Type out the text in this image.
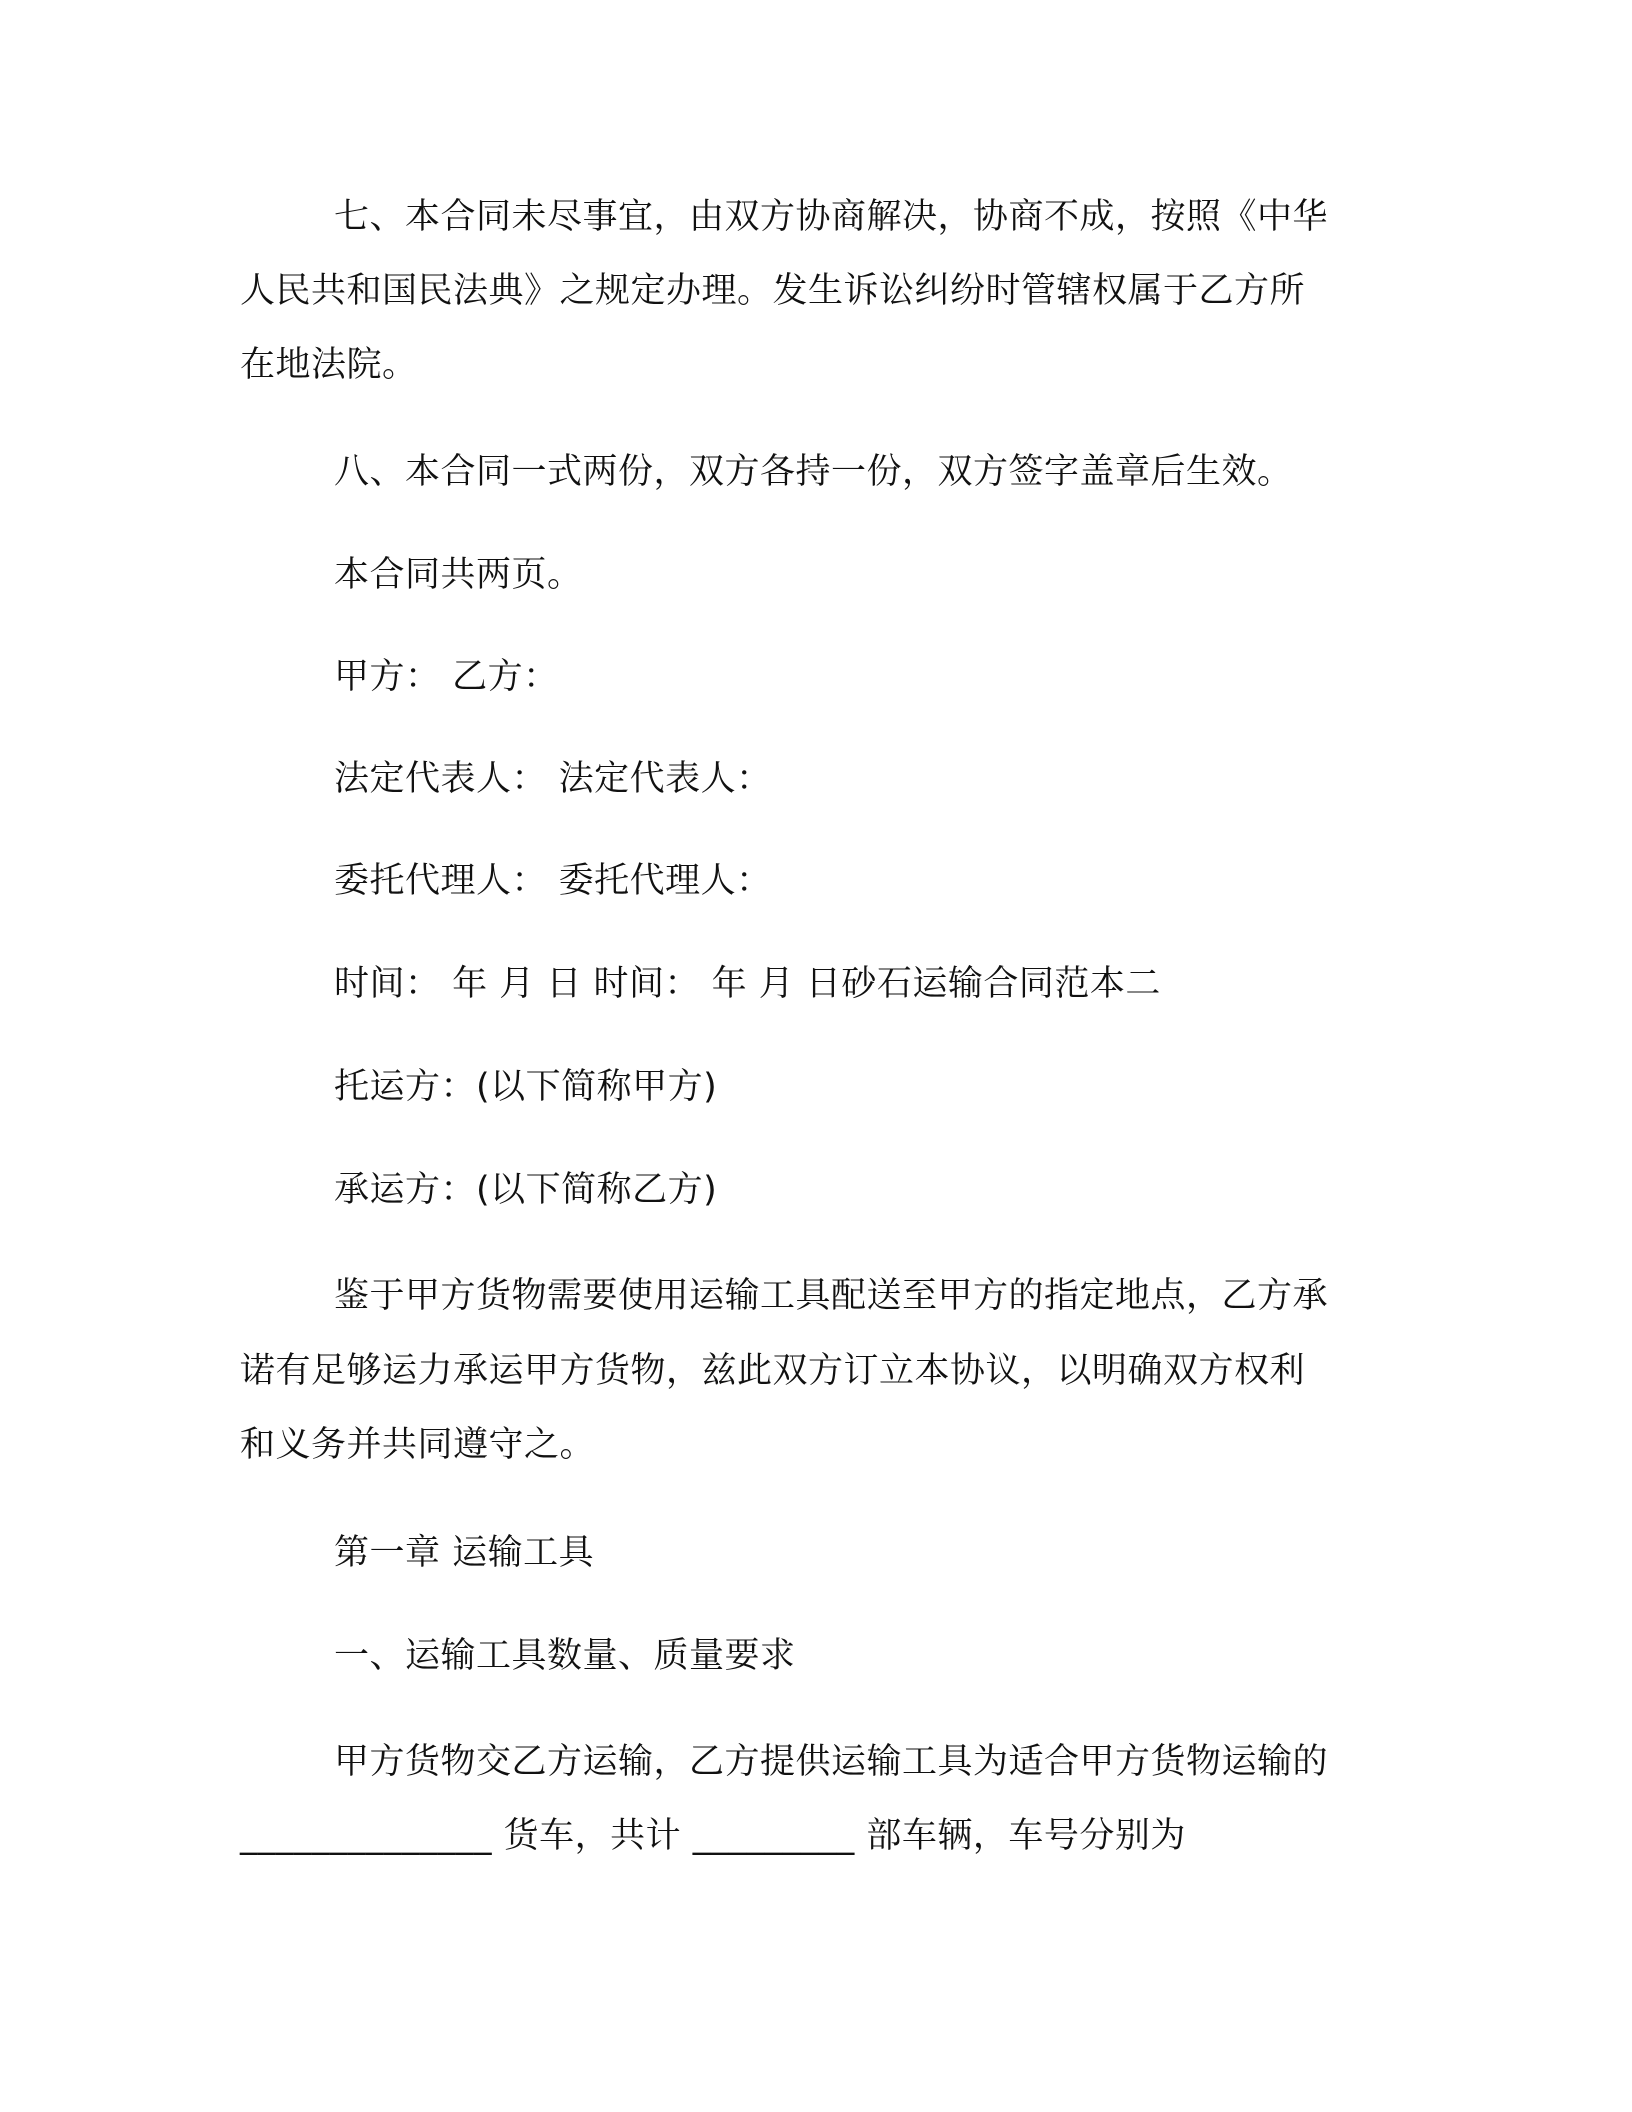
七、本合同未尽事宜，由双方协商解决，协商不成，按照《中华
人民共和国民法典》之规定办理。发生诉讼纠纷时管辖权属于乙方所
在地法院。
八、本合同一式两份，双方各持一份，双方签字盖章后生效。
本合同共两页。
甲方： 乙方：
法定代表人： 法定代表人：
委托代理人： 委托代理人：
时间： 年 月 日 时间： 年 月 日砂石运输合同范本二
托运方：(以下简称甲方)
承运方：(以下简称乙方)
鉴于甲方货物需要使用运输工具配送至甲方的指定地点，乙方承
诺有足够运力承运甲方货物，兹此双方订立本协议，以明确双方权利
和义务并共同遵守之。
第一章 运输工具
一、运输工具数量、质量要求
甲方货物交乙方运输，乙方提供运输工具为适合甲方货物运输的
______________ 货车，共计 _________ 部车辆，车号分别为
